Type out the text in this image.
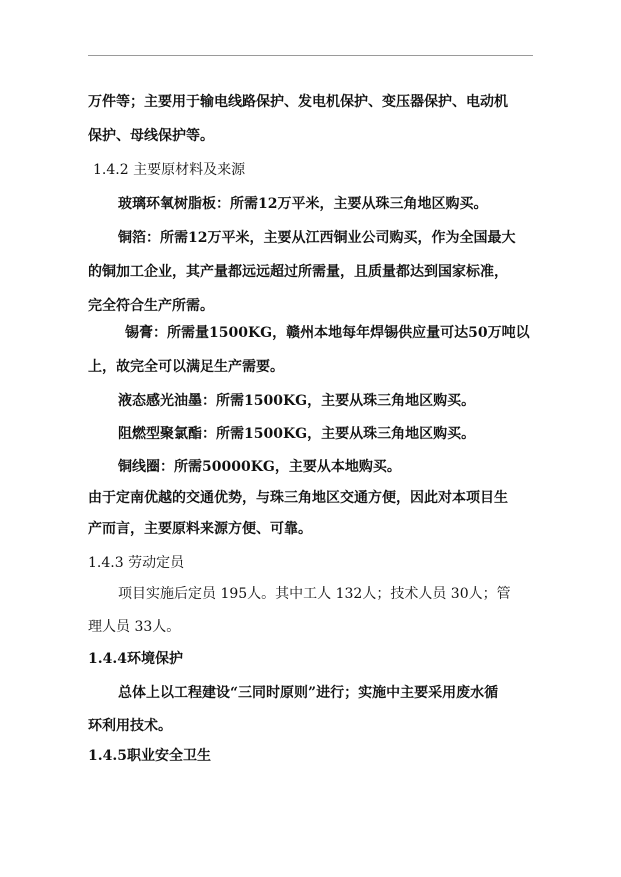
万件等；主要用于输电线路保护、发电机保护、变压器保护、电动机
保护、母线保护等。
1.4.2 主要原材料及来源
玻璃环氧树脂板：所需12万平米，主要从珠三角地区购买。
铜箔：所需12万平米，主要从江西铜业公司购买，作为全国最大
的铜加工企业，其产量都远远超过所需量，且质量都达到国家标准，
完全符合生产所需。
锡膏：所需量1500KG，赣州本地每年焊锡供应量可达50万吨以
上，故完全可以满足生产需要。
液态感光油墨：所需1500KG，主要从珠三角地区购买。
阻燃型聚氯酯：所需1500KG，主要从珠三角地区购买。
铜线圈：所需50000KG，主要从本地购买。
由于定南优越的交通优势，与珠三角地区交通方便，因此对本项目生
产而言，主要原料来源方便、可靠。
1.4.3 劳动定员
项目实施后定员 195人。其中工人 132人；技术人员 30人；管
理人员 33人。
1.4.4环境保护
总体上以工程建设“三同时原则”进行；实施中主要采用废水循
环利用技术。
1.4.5职业安全卫生
